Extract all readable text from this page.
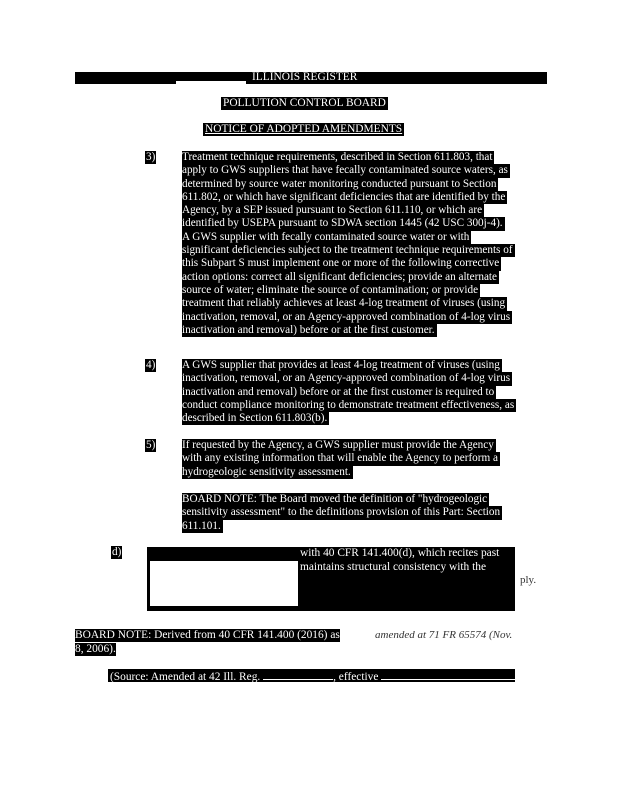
ILLINOIS REGISTER
POLLUTION CONTROL BOARD
NOTICE OF ADOPTED AMENDMENTS
3) Treatment technique requirements, described in Section 611.803, that
apply to GWS suppliers that have fecally contaminated source waters, as
determined by source water monitoring conducted pursuant to Section
611.802, or which have significant deficiencies that are identified by the
Agency, by a SEP issued pursuant to Section 611.110, or which are
identified by USEPA pursuant to SDWA section 1445 (42 USC 300j-4).
A GWS supplier with fecally contaminated source water or with
significant deficiencies subject to the treatment technique requirements of
this Subpart S must implement one or more of the following corrective
action options: correct all significant deficiencies; provide an alternate
source of water; eliminate the source of contamination; or provide
treatment that reliably achieves at least 4-log treatment of viruses (using
inactivation, removal, or an Agency-approved combination of 4-log virus
inactivation and removal) before or at the first customer.
4) A GWS supplier that provides at least 4-log treatment of viruses (using
inactivation, removal, or an Agency-approved combination of 4-log virus
inactivation and removal) before or at the first customer is required to
conduct compliance monitoring to demonstrate treatment effectiveness, as
described in Section 611.803(b).
5) If requested by the Agency, a GWS supplier must provide the Agency
with any existing information that will enable the Agency to perform a
hydrogeologic sensitivity assessment.
BOARD NOTE: The Board moved the definition of "hydrogeologic
sensitivity assessment" to the definitions provision of this Part: Section
611.101.
d)	with 40 CFR 141.400(d), which recites past
maintains structural consistency with the
ply.
BOARD NOTE: Derived from 40 CFR 141.400 (2016) as	amended at 71 FR 65574 (Nov.
8, 2006).
(Source: Amended at 42 Ill. Reg.	, effective	)
